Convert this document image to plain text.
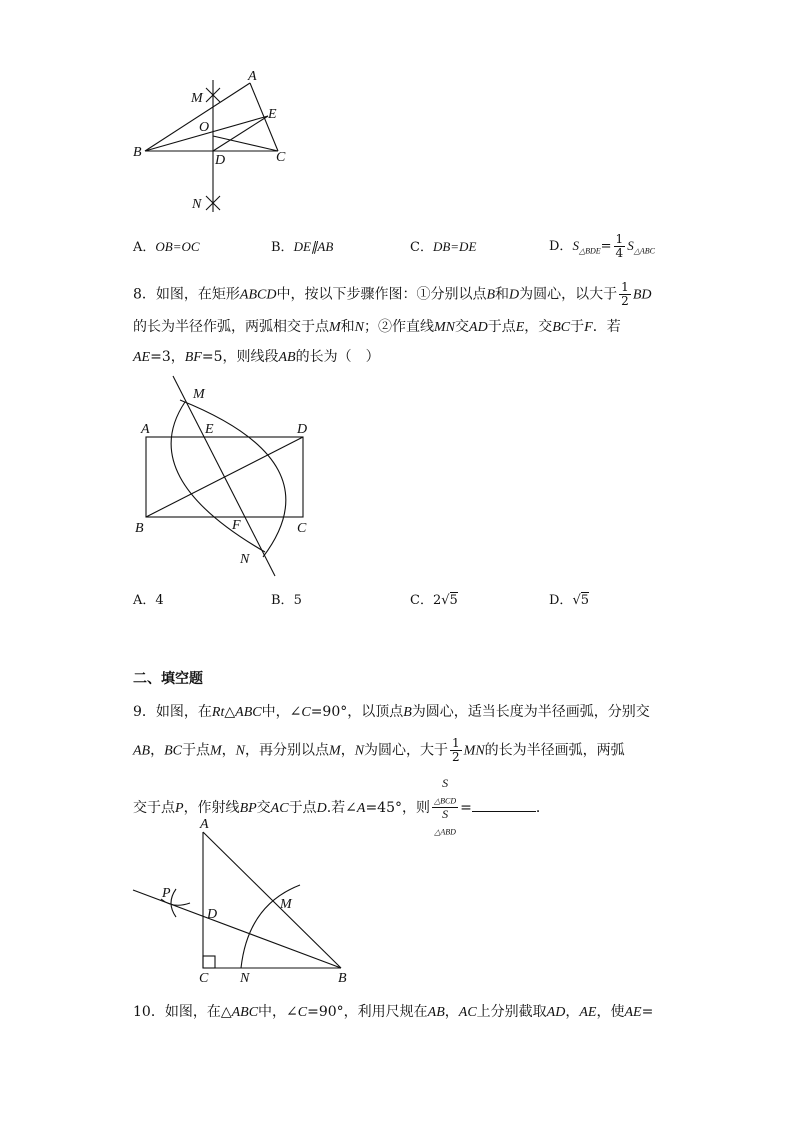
A
M
E
O
B
D	C
N
A．OB=OC	B．DE∥AB	C．DB=DE	D．$S_{\triangle BDE}= \frac{1}{4} S_{\triangle ABC}$
8．如图，在矩形ABCD中，按以下步骤作图：①分别以点B和D为圆心，以大于 $\frac{1}{2}$ BD
的长为半径作弧，两弧相交于点M和N；②作直线MN交AD于点E，交BC于F．若
AE=3，BF=5，则线段AB的长为（　）
M
A	E	D
B	F	C
N
A．4	B．5	C．2√5	D．√5
二、填空题
9．如图，在Rt△ABC中，∠C=90°，以顶点B为圆心，适当长度为半径画弧，分别交
AB，BC于点M，N，再分别以点M，N为圆心，大于 $\frac{1}{2}$ MN的长为半径画弧，两弧
交于点P，作射线BP交AC于点D.若∠A=45°，则 S
$_{\triangle BCD}$
S
$_{\triangle ABD}$ =	．
A
P
D
M
C N	B
10．如图，在△ABC中，∠C=90°，利用尺规在AB，AC上分别截取AD，AE，使AE=
